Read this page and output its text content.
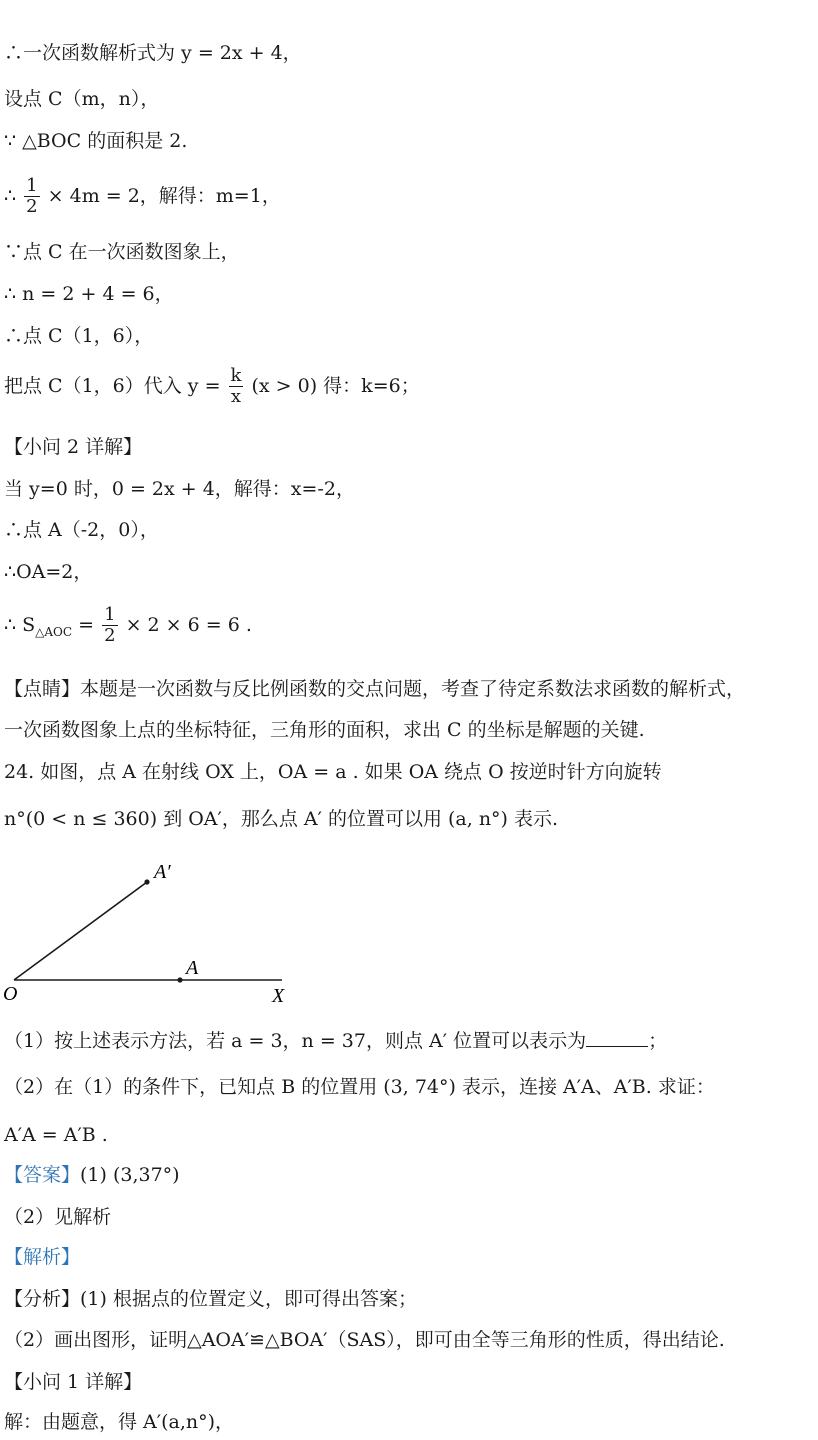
∴一次函数解析式为 y = 2x + 4，
设点 C（m，n），
∵ △BOC 的面积是 2.
∴ $\frac{1}{2} \times 4m = 2$，解得：m=1，
∵点 C 在一次函数图象上，
∴ n = 2 + 4 = 6，
∴点 C（1，6），
把点 C（1，6）代入 $y = \frac{k}{x} (x > 0)$ 得：k=6；
【小问 2 详解】
当 y=0 时，0 = 2x + 4，解得：x=-2，
∴点 A（-2，0），
∴OA=2，
∴ $S_{\triangle AOC} = \frac{1}{2} \times 2 \times 6 = 6$ .
【点睛】本题是一次函数与反比例函数的交点问题，考查了待定系数法求函数的解析式，
一次函数图象上点的坐标特征，三角形的面积，求出 C 的坐标是解题的关键.
24. 如图，点 A 在射线 OX 上，OA = a . 如果 OA 绕点 O 按逆时针方向旋转
n°(0 < n ≤ 360) 到 OA′，那么点 A′ 的位置可以用 (a, n°) 表示.
O
A
X
A′
（1）按上述表示方法，若 a = 3，n = 37，则点 A′ 位置可以表示为	；
（2）在（1）的条件下，已知点 B 的位置用 (3, 74°) 表示，连接 A′A、A′B. 求证：
A′A = A′B .
【答案】(1) (3,37°)
（2）见解析
【解析】
【分析】(1) 根据点的位置定义，即可得出答案；
（2）画出图形，证明△AOA′≌△BOA′（SAS），即可由全等三角形的性质，得出结论.
【小问 1 详解】
解：由题意，得 A′(a,n°)，
